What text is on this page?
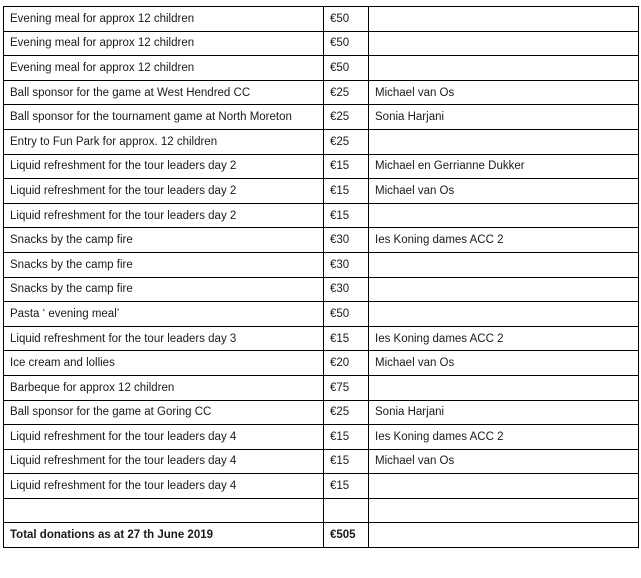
Evening meal for approx 12 children	€50	
Evening meal for approx 12 children	€50	
Evening meal for approx 12 children	€50	
Ball sponsor for the game at West Hendred CC	€25	Michael van Os
Ball sponsor for the tournament game at North Moreton	€25	Sonia Harjani
Entry to Fun Park for approx. 12 children	€25	
Liquid refreshment for the tour leaders day 2	€15	Michael en Gerrianne Dukker
Liquid refreshment for the tour leaders day 2	€15	Michael van Os
Liquid refreshment for the tour leaders day 2	€15	
Snacks by the camp fire	€30	Ies Koning dames ACC 2
Snacks by the camp fire	€30	
Snacks by the camp fire	€30	
Pasta ‘ evening meal’	€50	
Liquid refreshment for the tour leaders day 3	€15	Ies Koning dames ACC 2
Ice cream and lollies	€20	Michael van Os
Barbeque for approx 12 children	€75	
Ball sponsor for the game at Goring CC	€25	Sonia Harjani
Liquid refreshment for the tour leaders day 4	€15	Ies Koning dames ACC 2
Liquid refreshment for the tour leaders day 4	€15	Michael van Os
Liquid refreshment for the tour leaders day 4	€15	

Total donations as at 27 th June 2019	€505	
